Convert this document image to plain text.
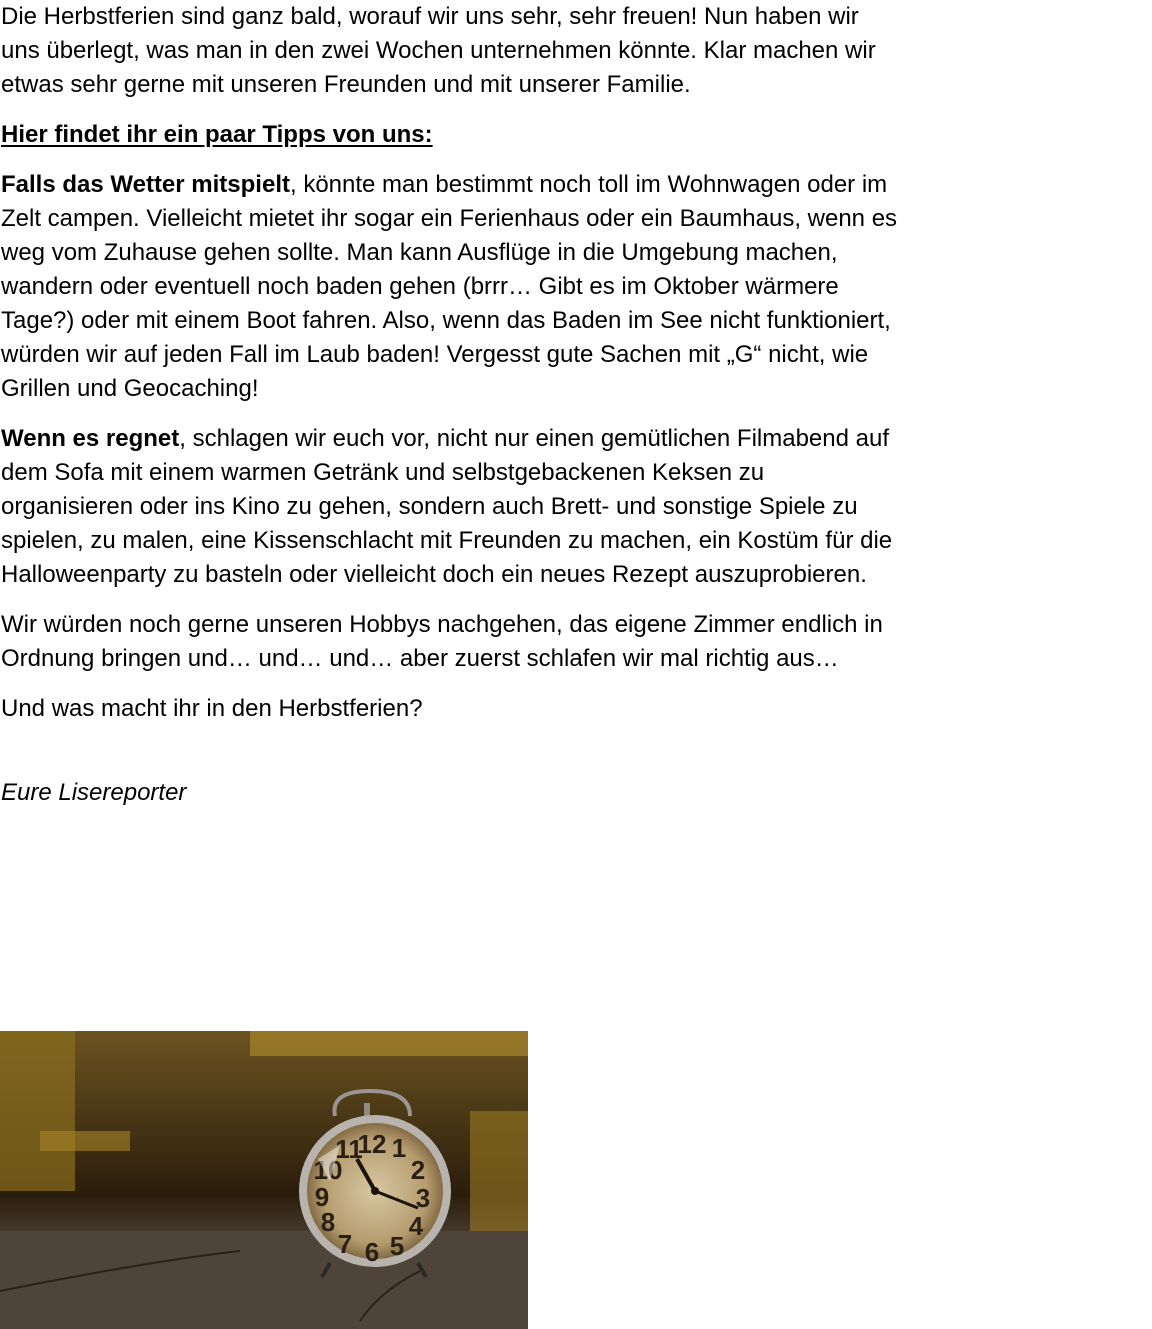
Die Herbstferien sind ganz bald, worauf wir uns sehr, sehr freuen! Nun haben wir uns überlegt, was man in den zwei Wochen unternehmen könnte. Klar machen wir etwas sehr gerne mit unseren Freunden und mit unserer Familie.

Hier findet ihr ein paar Tipps von uns:

Falls das Wetter mitspielt, könnte man bestimmt noch toll im Wohnwagen oder im Zelt campen. Vielleicht mietet ihr sogar ein Ferienhaus oder ein Baumhaus, wenn es weg vom Zuhause gehen sollte. Man kann Ausflüge in die Umgebung machen, wandern oder eventuell noch baden gehen (brrr… Gibt es im Oktober wärmere Tage?) oder mit einem Boot fahren. Also, wenn das Baden im See nicht funktioniert, würden wir auf jeden Fall im Laub baden! Vergesst gute Sachen mit „G“ nicht, wie Grillen und Geocaching!

Wenn es regnet, schlagen wir euch vor, nicht nur einen gemütlichen Filmabend auf dem Sofa mit einem warmen Getränk und selbstgebackenen Keksen zu organisieren oder ins Kino zu gehen, sondern auch Brett- und sonstige Spiele zu spielen, zu malen, eine Kissenschlacht mit Freunden zu machen, ein Kostüm für die Halloweenparty zu basteln oder vielleicht doch ein neues Rezept auszuprobieren.

Wir würden noch gerne unseren Hobbys nachgehen, das eigene Zimmer endlich in Ordnung bringen und… und… und… aber zuerst schlafen wir mal richtig aus…

Und was macht ihr in den Herbstferien?

Eure Lisereporter

12 1
2
3
4
5
6
7
8
9
10
11
